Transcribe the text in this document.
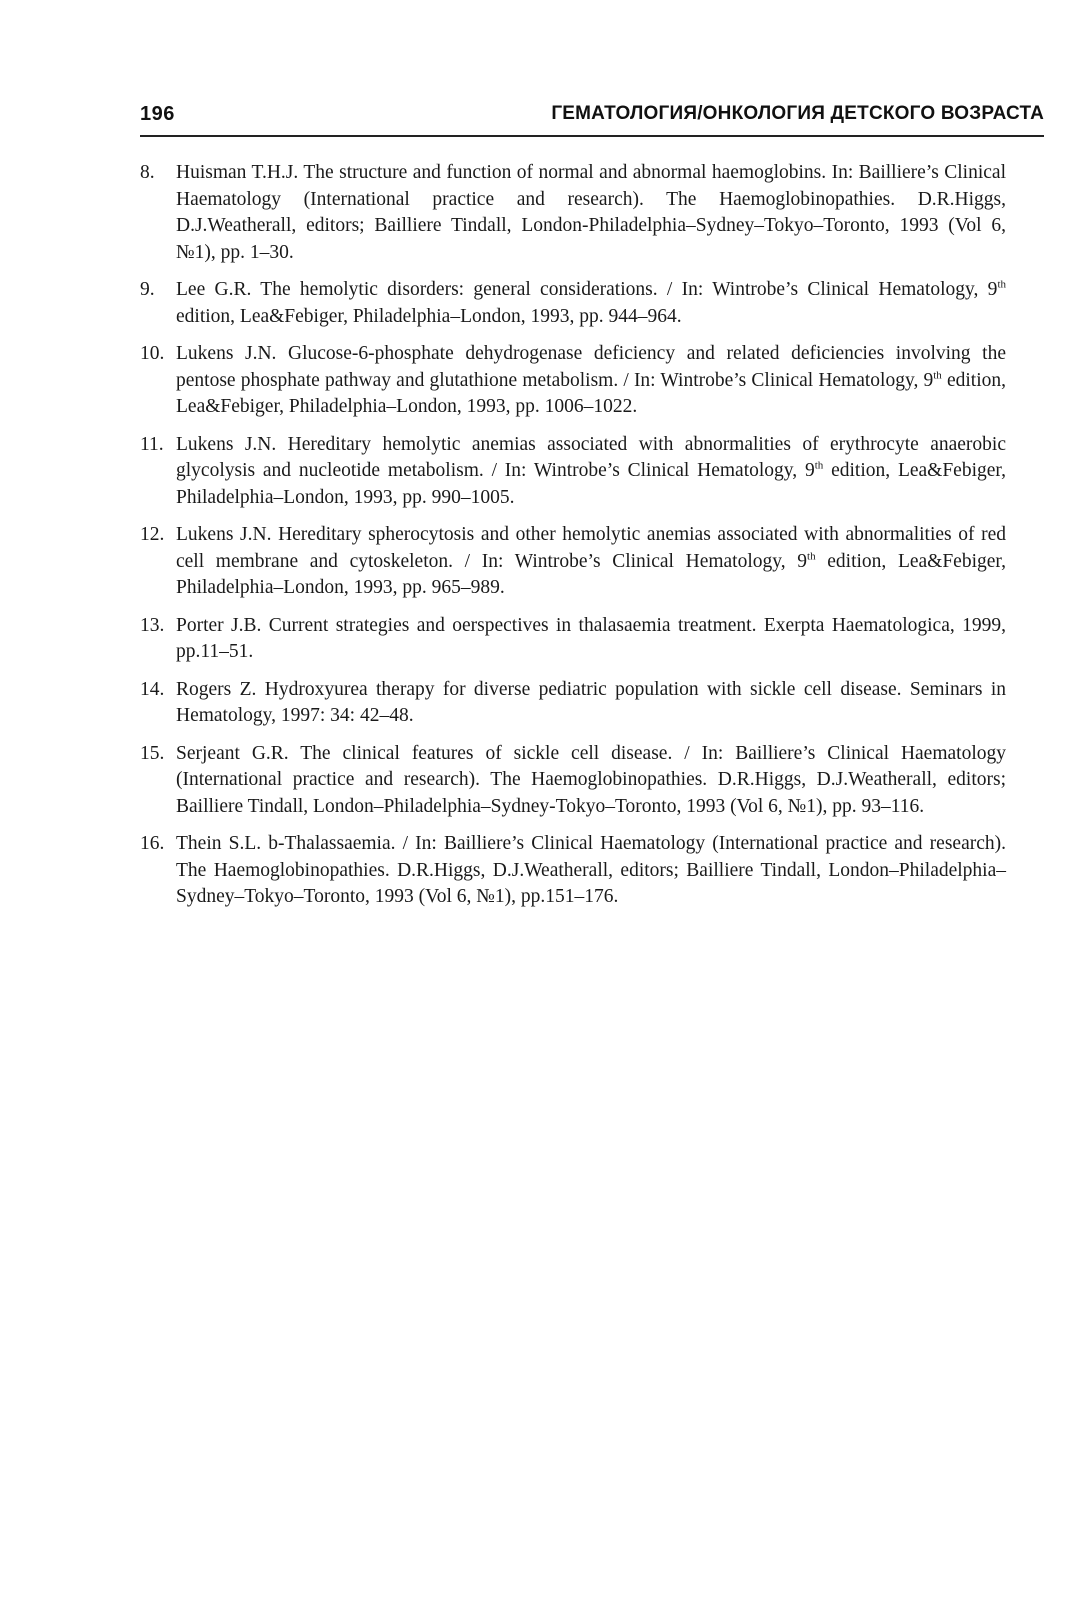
196	ГЕМАТОЛОГИЯ/ОНКОЛОГИЯ ДЕТСКОГО ВОЗРАСТА
8.	Huisman T.H.J. The structure and function of normal and abnormal haemoglobins. In: Bailliere’s Clinical Haematology (International practice and research). The Haemoglobinopathies. D.R.Higgs, D.J.Weatherall, editors; Bailliere Tindall, London-Philadelphia–Sydney–Tokyo–Toronto, 1993 (Vol 6, №1), pp. 1–30.
9.	Lee G.R. The hemolytic disorders: general considerations. / In: Wintrobe’s Clinical Hematology, 9th edition, Lea&Febiger, Philadelphia–London, 1993, pp. 944–964.
10. Lukens J.N. Glucose-6-phosphate dehydrogenase deficiency and related deficiencies involving the pentose phosphate pathway and glutathione metabolism. / In: Wintrobe’s Clinical Hematology, 9th edition, Lea&Febiger, Philadelphia–London, 1993, pp. 1006–1022.
11. Lukens J.N. Hereditary hemolytic anemias associated with abnormalities of erythrocyte anaerobic glycolysis and nucleotide metabolism. / In: Wintrobe’s Clinical Hematology, 9th edition, Lea&Febiger, Philadelphia–London, 1993, pp. 990–1005.
12. Lukens J.N. Hereditary spherocytosis and other hemolytic anemias associated with abnormalities of red cell membrane and cytoskeleton. / In: Wintrobe’s Clinical Hematology, 9th edition, Lea&Febiger, Philadelphia–London, 1993, pp. 965–989.
13. Porter J.B. Current strategies and oerspectives in thalasaemia treatment. Exerpta Haematologica, 1999, pp.11–51.
14. Rogers Z. Hydroxyurea therapy for diverse pediatric population with sickle cell disease. Seminars in Hematology, 1997: 34: 42–48.
15. Serjeant G.R. The clinical features of sickle cell disease. / In: Bailliere’s Clinical Haematology (International practice and research). The Haemoglobinopathies. D.R.Higgs, D.J.Weatherall, editors; Bailliere Tindall, London–Philadelphia–Sydney-Tokyo–Toronto, 1993 (Vol 6, №1), pp. 93–116.
16. Thein S.L. b-Thalassaemia. / In: Bailliere’s Clinical Haematology (International practice and research). The Haemoglobinopathies. D.R.Higgs, D.J.Weatherall, editors; Bailliere Tindall, London–Philadelphia–Sydney–Tokyo–Toronto, 1993 (Vol 6, №1), pp.151–176.
